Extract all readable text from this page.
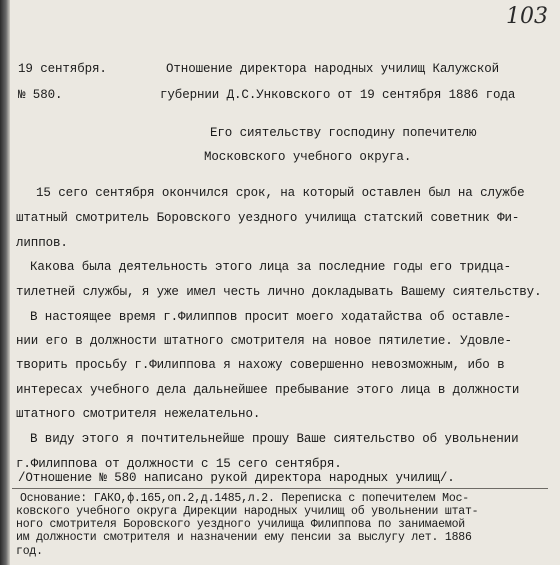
103
19 сентября.
№ 580.
Отношение директора народных училищ Калужской
губернии Д.С.Унковского от 19 сентября 1886 года
Его сиятельству господину попечителю
Московского учебного округа.
15 сего сентября окончился срок, на который оставлен был на службе
штатный смотритель Боровского уездного училища статский советник Фи-
липпов.
Какова была деятельность этого лица за последние годы его тридца-
тилетней службы, я уже имел честь лично докладывать Вашему сиятельству.
В настоящее время г.Филиппов просит моего ходатайства об оставле-
нии его в должности штатного смотрителя на новое пятилетие. Удовле-
творить просьбу г.Филиппова я нахожу совершенно невозможным, ибо в
интересах учебного дела дальнейшее пребывание этого лица в должности
штатного смотрителя нежелательно.
В виду этого я почтительнейше прошу Ваше сиятельство об увольнении
г.Филиппова от должности с 15 сего сентября.
/Отношение № 580 написано рукой директора народных училищ/.
Основание: ГАКО,ф.165,оп.2,д.1485,л.2. Переписка с попечителем Мос-
ковского учебного округа Дирекции народных училищ об увольнении штат-
ного смотрителя Боровского уездного училища Филиппова по занимаемой
им должности смотрителя и назначении ему пенсии за выслугу лет. 1886
год.
